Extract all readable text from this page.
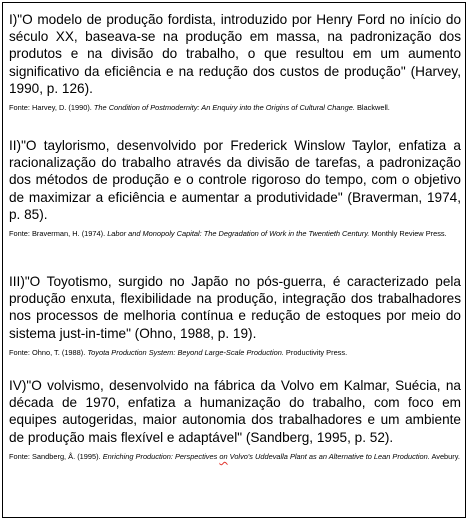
I)"O modelo de produção fordista, introduzido por Henry Ford no início do século XX, baseava-se na produção em massa, na padronização dos produtos e na divisão do trabalho, o que resultou em um aumento significativo da eficiência e na redução dos custos de produção" (Harvey, 1990, p. 126).

Fonte: Harvey, D. (1990). The Condition of Postmodernity: An Enquiry into the Origins of Cultural Change. Blackwell.

II)"O taylorismo, desenvolvido por Frederick Winslow Taylor, enfatiza a racionalização do trabalho através da divisão de tarefas, a padronização dos métodos de produção e o controle rigoroso do tempo, com o objetivo de maximizar a eficiência e aumentar a produtividade" (Braverman, 1974, p. 85).

Fonte: Braverman, H. (1974). Labor and Monopoly Capital: The Degradation of Work in the Twentieth Century. Monthly Review Press.

III)"O Toyotismo, surgido no Japão no pós-guerra, é caracterizado pela produção enxuta, flexibilidade na produção, integração dos trabalhadores nos processos de melhoria contínua e redução de estoques por meio do sistema just-in-time" (Ohno, 1988, p. 19).

Fonte: Ohno, T. (1988). Toyota Production System: Beyond Large-Scale Production. Productivity Press.

IV)"O volvismo, desenvolvido na fábrica da Volvo em Kalmar, Suécia, na década de 1970, enfatiza a humanização do trabalho, com foco em equipes autogeridas, maior autonomia dos trabalhadores e um ambiente de produção mais flexível e adaptável" (Sandberg, 1995, p. 52).

Fonte: Sandberg, Å. (1995). Enriching Production: Perspectives on Volvo's Uddevalla Plant as an Alternative to Lean Production. Avebury.
